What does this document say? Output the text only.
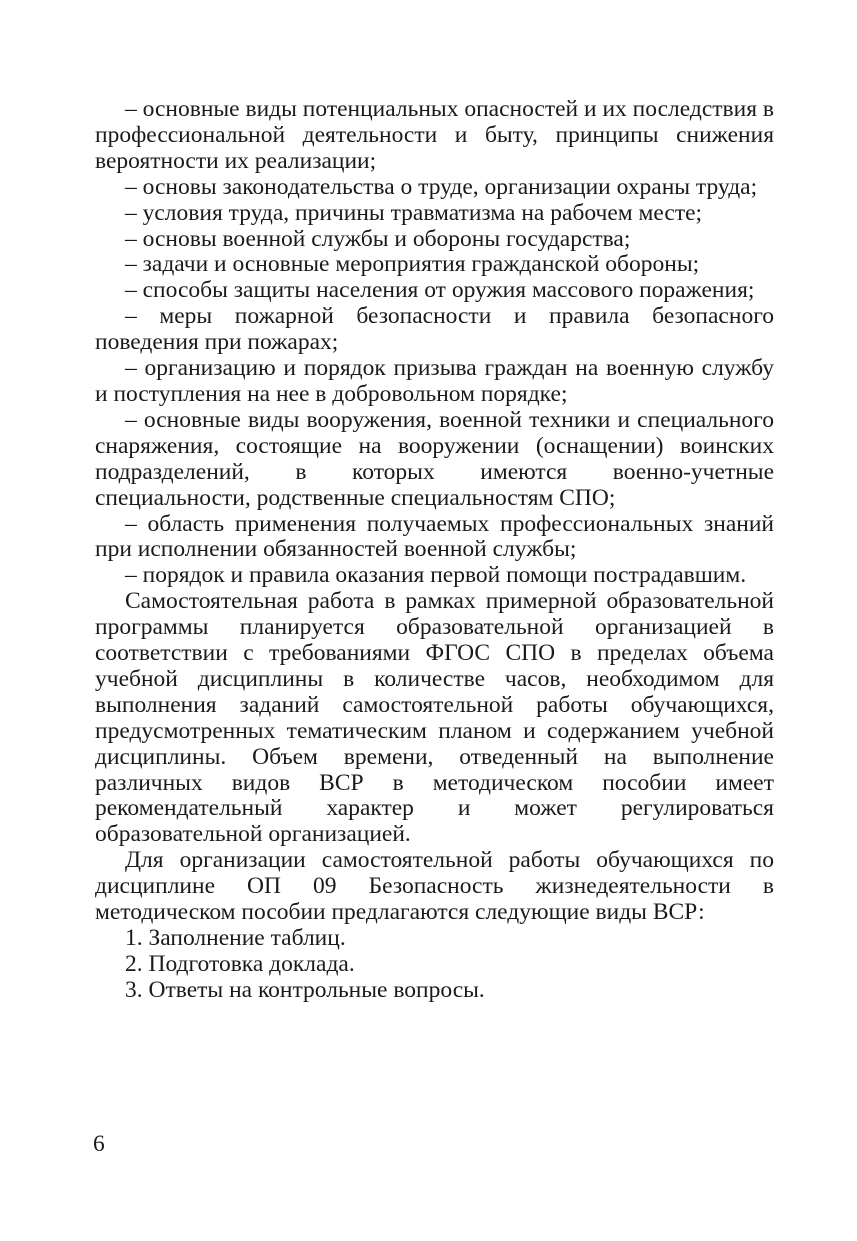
– основные виды потенциальных опасностей и их последствия в профессиональной деятельности и быту, принципы снижения вероятности их реализации;

– основы законодательства о труде, организации охраны труда;

– условия труда, причины травматизма на рабочем месте;

– основы военной службы и обороны государства;

– задачи и основные мероприятия гражданской обороны;

– способы защиты населения от оружия массового поражения;

– меры пожарной безопасности и правила безопасного поведения при пожарах;

– организацию и порядок призыва граждан на военную службу и поступления на нее в добровольном порядке;

– основные виды вооружения, военной техники и специального снаряжения, состоящие на вооружении (оснащении) воинских подразделений, в которых имеются военно-учетные специальности, родственные специальностям СПО;

– область применения получаемых профессиональных знаний при исполнении обязанностей военной службы;

– порядок и правила оказания первой помощи пострадавшим.

Самостоятельная работа в рамках примерной образовательной программы планируется образовательной организацией в соответствии с требованиями ФГОС СПО в пределах объема учебной дисциплины в количестве часов, необходимом для выполнения заданий самостоятельной работы обучающихся, предусмотренных тематическим планом и содержанием учебной дисциплины. Объем времени, отведенный на выполнение различных видов ВСР в методическом пособии имеет рекомендательный характер и может регулироваться образовательной организацией.

Для организации самостоятельной работы обучающихся по дисциплине ОП 09 Безопасность жизнедеятельности в методическом пособии предлагаются следующие виды ВСР:

1. Заполнение таблиц.

2. Подготовка доклада.

3. Ответы на контрольные вопросы.

6
